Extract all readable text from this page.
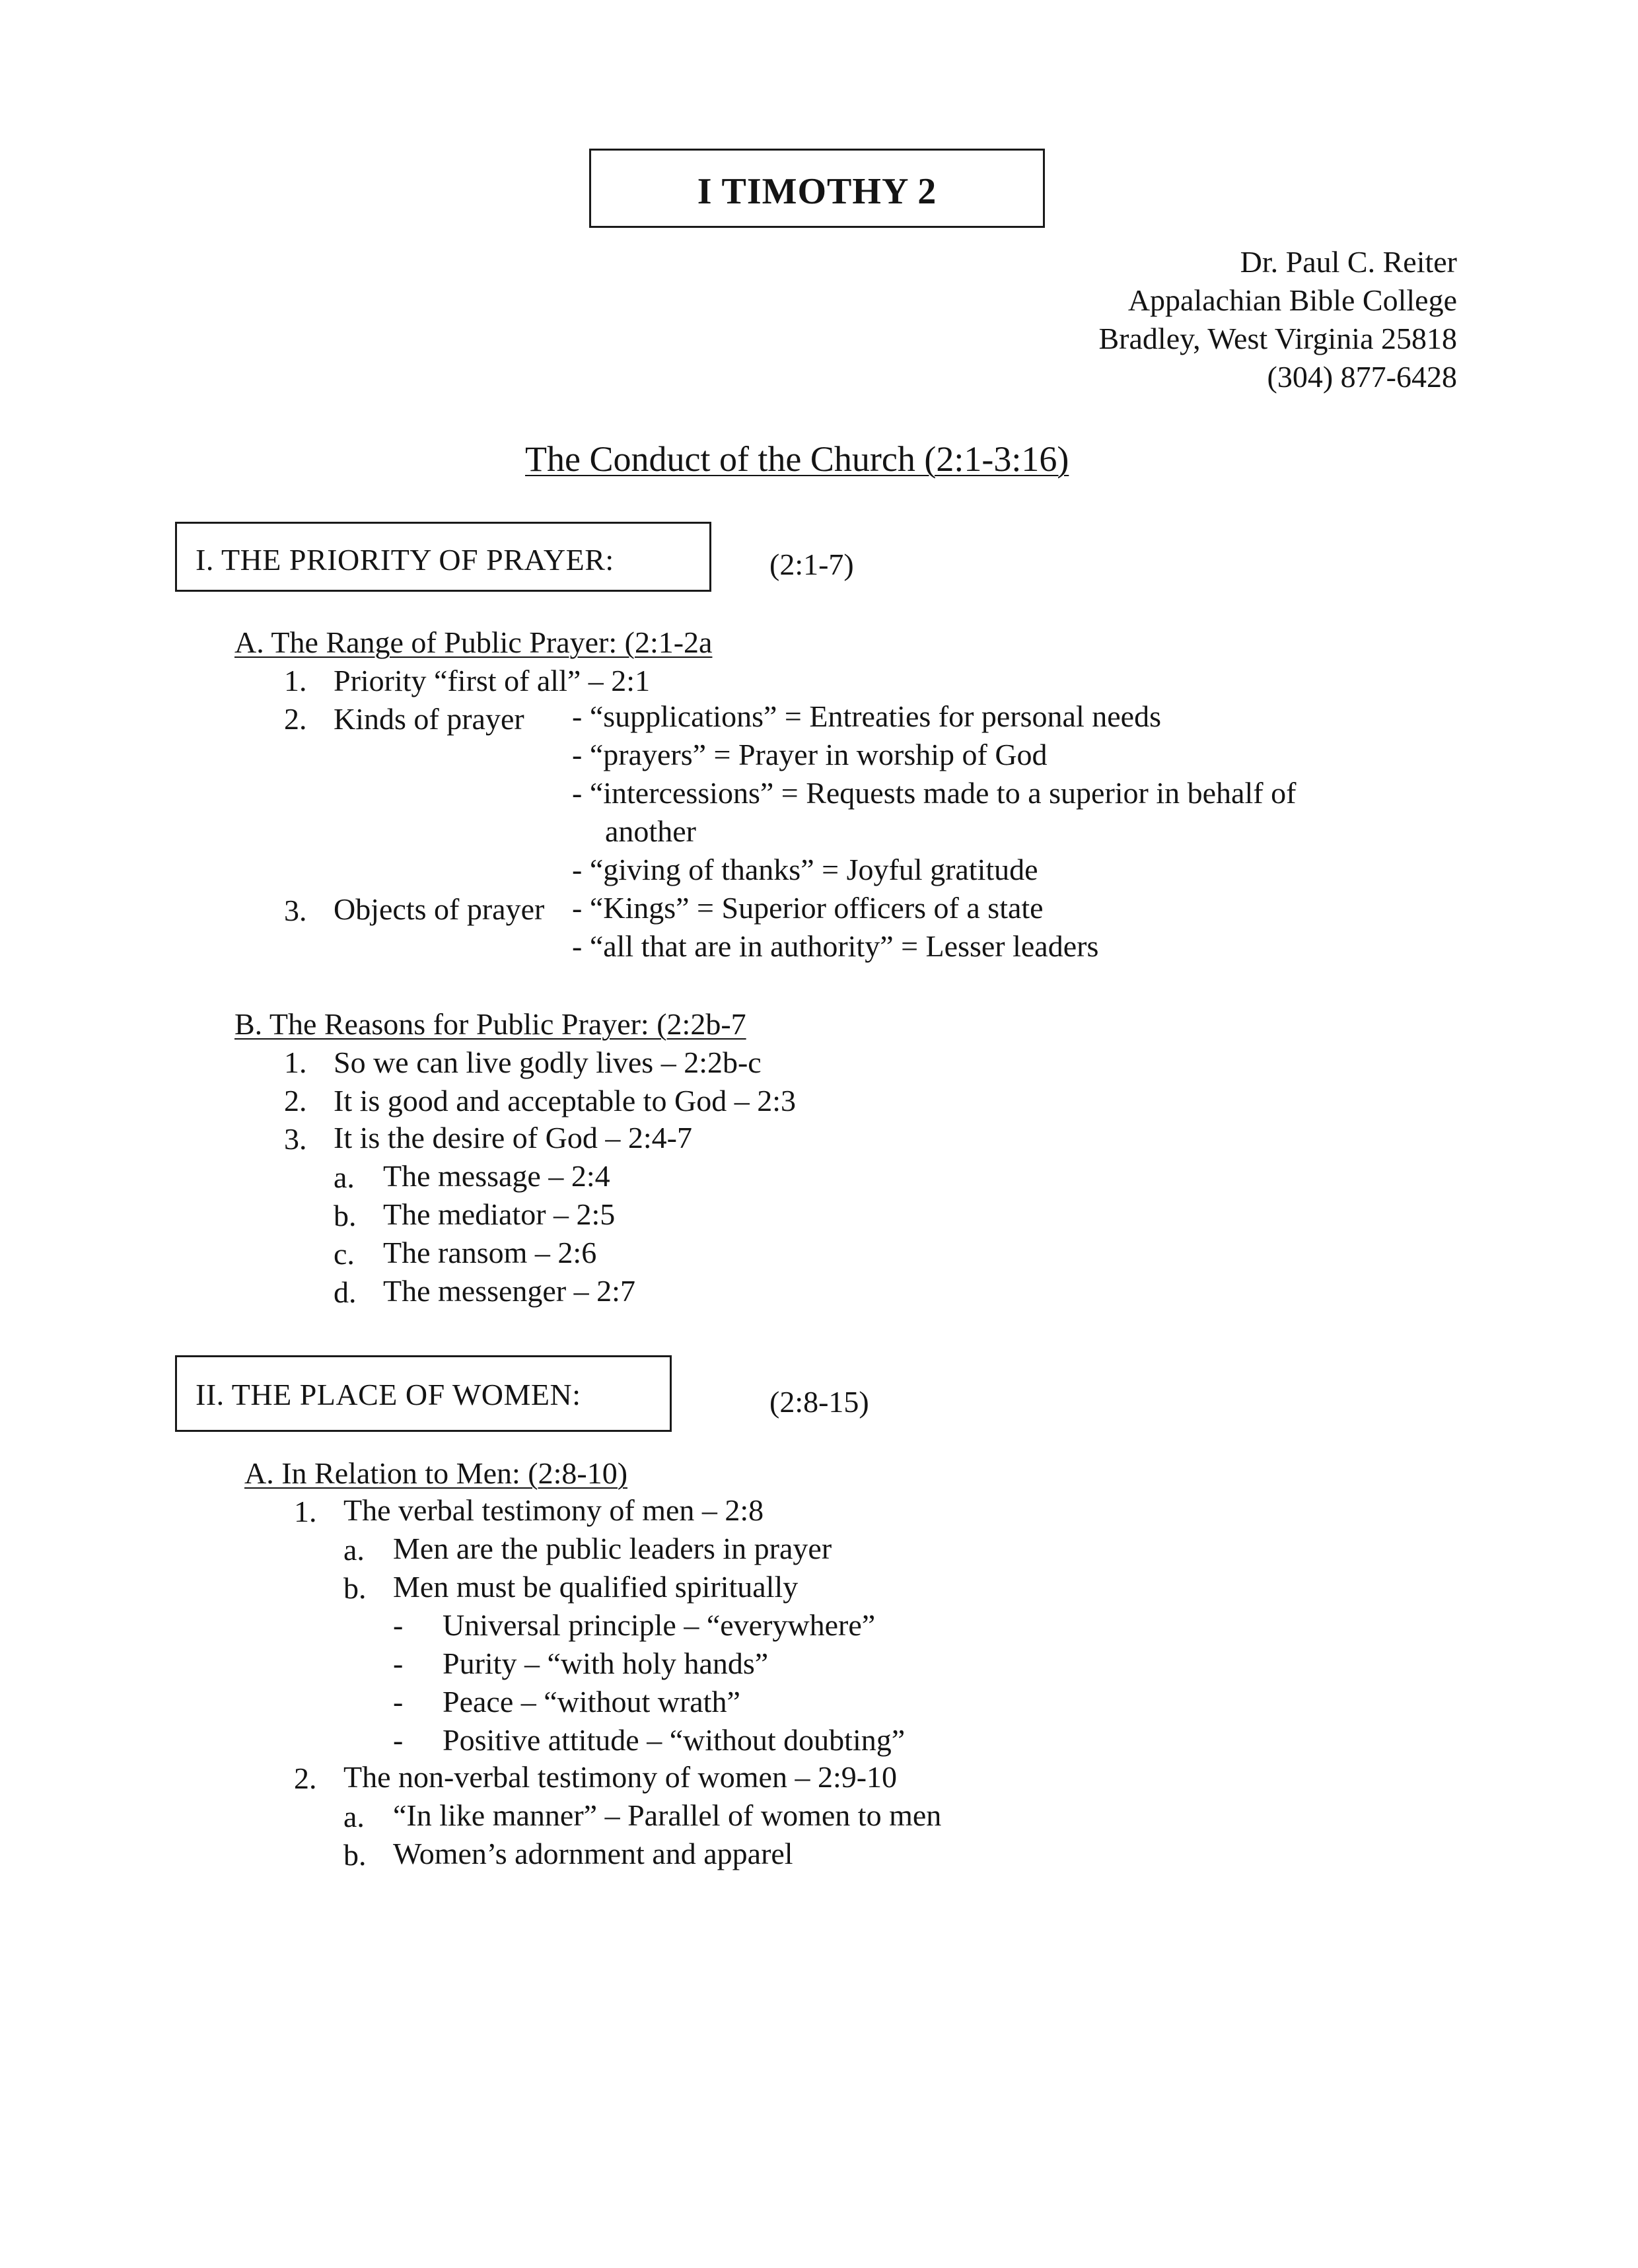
I TIMOTHY 2
Dr. Paul C. Reiter
Appalachian Bible College
Bradley, West Virginia 25818
(304) 877-6428
The Conduct of the Church (2:1-3:16)
I. THE PRIORITY OF PRAYER:	(2:1-7)
A. The Range of Public Prayer: (2:1-2a
1. Priority “first of all” – 2:1
2. Kinds of prayer - “supplications” = Entreaties for personal needs
- “prayers” = Prayer in worship of God
- “intercessions” = Requests made to a superior in behalf of
another
- “giving of thanks” = Joyful gratitude
3. Objects of prayer - “Kings” = Superior officers of a state
- “all that are in authority” = Lesser leaders
B. The Reasons for Public Prayer: (2:2b-7
1. So we can live godly lives – 2:2b-c
2. It is good and acceptable to God – 2:3
3. It is the desire of God – 2:4-7
a. The message – 2:4
b. The mediator – 2:5
c. The ransom – 2:6
d. The messenger – 2:7
II. THE PLACE OF WOMEN:	(2:8-15)
A. In Relation to Men: (2:8-10)
1. The verbal testimony of men – 2:8
a. Men are the public leaders in prayer
b. Men must be qualified spiritually
- Universal principle – “everywhere”
- Purity – “with holy hands”
- Peace – “without wrath”
- Positive attitude – “without doubting”
2. The non-verbal testimony of women – 2:9-10
a. “In like manner” – Parallel of women to men
b. Women’s adornment and apparel
